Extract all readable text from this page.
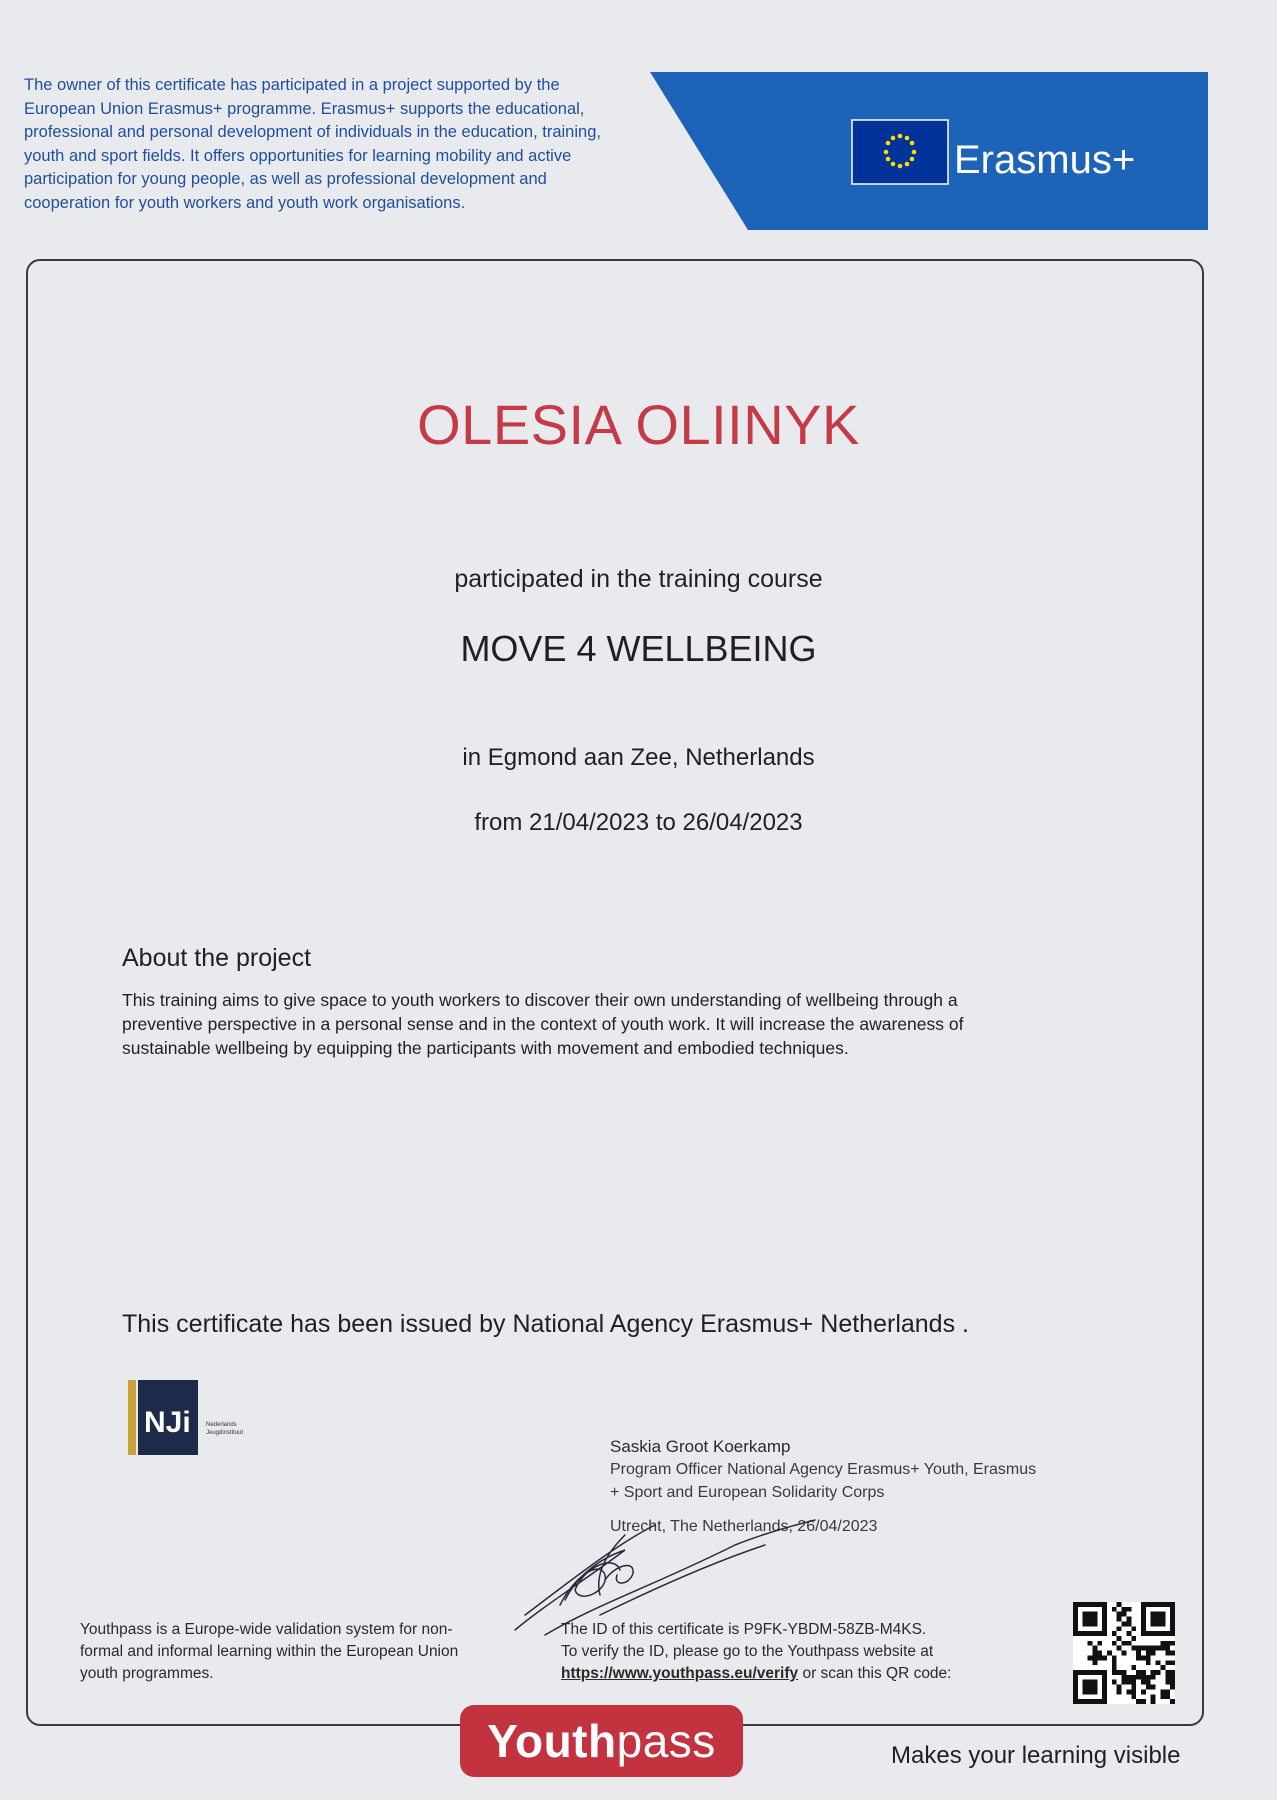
The owner of this certificate has participated in a project supported by the
European Union Erasmus+ programme. Erasmus+ supports the educational,
professional and personal development of individuals in the education, training,
youth and sport fields. It offers opportunities for learning mobility and active
participation for young people, as well as professional development and
cooperation for youth workers and youth work organisations.
Erasmus+
OLESIA OLIINYK
participated in the training course
MOVE 4 WELLBEING
in Egmond aan Zee, Netherlands
from 21/04/2023 to 26/04/2023
About the project
This training aims to give space to youth workers to discover their own understanding of wellbeing through a
preventive perspective in a personal sense and in the context of youth work. It will increase the awareness of
sustainable wellbeing by equipping the participants with movement and embodied techniques.
This certificate has been issued by National Agency Erasmus+ Netherlands .
NJi	Nederlands
Jeugdinstituut
Saskia Groot Koerkamp
Program Officer National Agency Erasmus+ Youth, Erasmus
+ Sport and European Solidarity Corps
Utrecht, The Netherlands, 26/04/2023
Youthpass is a Europe-wide validation system for non-
formal and informal learning within the European Union
youth programmes.
The ID of this certificate is P9FK-YBDM-58ZB-M4KS.
To verify the ID, please go to the Youthpass website at
https://www.youthpass.eu/verify or scan this QR code:
Youthpass	Makes your learning visible
